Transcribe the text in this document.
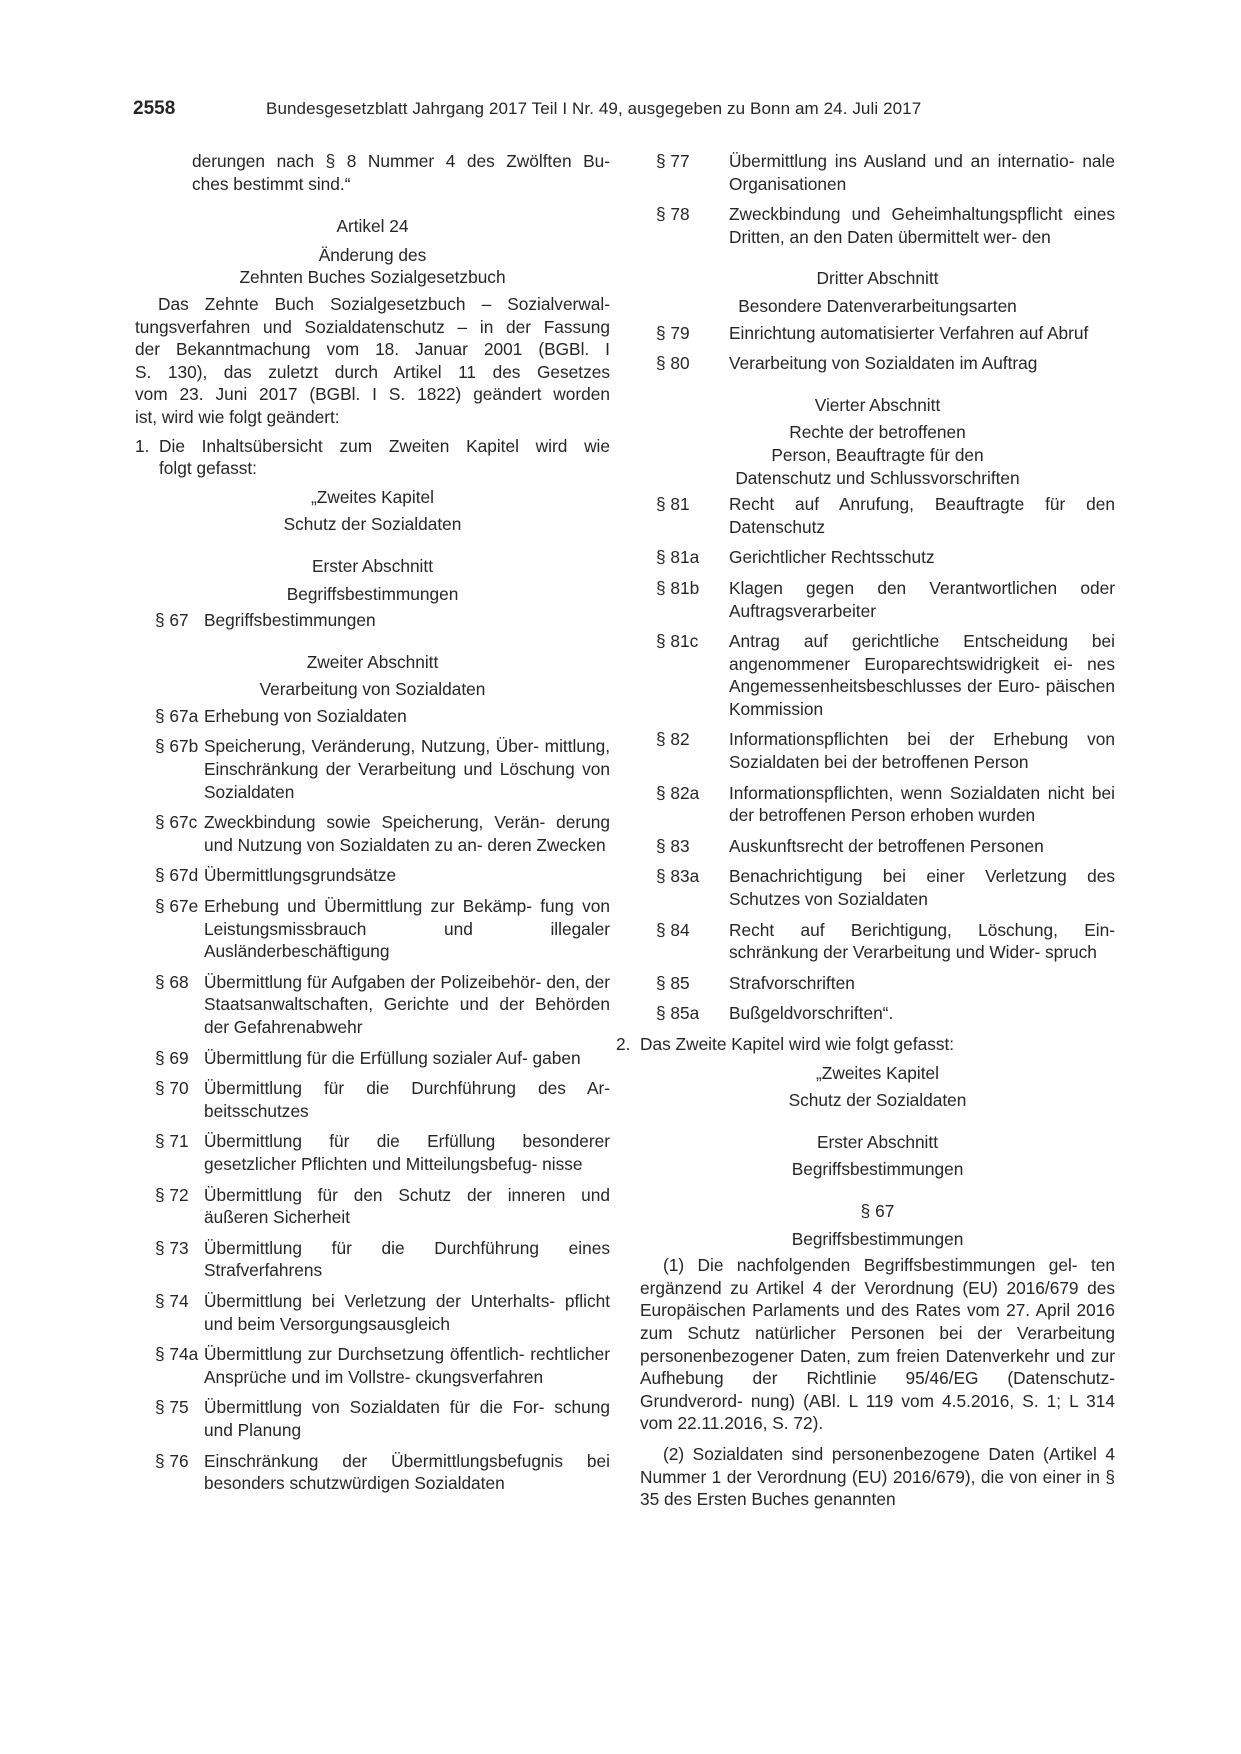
2558	Bundesgesetzblatt Jahrgang 2017 Teil I Nr. 49, ausgegeben zu Bonn am 24. Juli 2017

derungen nach § 8 Nummer 4 des Zwölften Bu-

ches bestimmt sind.“

Artikel 24

Änderung des

Zehnten Buches Sozialgesetzbuch

Das Zehnte Buch Sozialgesetzbuch – Sozialverwal-

tungsverfahren und Sozialdatenschutz – in der Fassung

der Bekanntmachung vom 18. Januar 2001 (BGBl. I

S. 130), das zuletzt durch Artikel 11 des Gesetzes

vom 23. Juni 2017 (BGBl. I S. 1822) geändert worden

ist, wird wie folgt geändert:

1. Die Inhaltsübersicht zum Zweiten Kapitel wird wie

folgt gefasst:

„Zweites Kapitel

Schutz der Sozialdaten

Erster Abschnitt

Begriffsbestimmungen

§ 67 Begriffsbestimmungen

Zweiter Abschnitt

Verarbeitung von Sozialdaten

§ 67a Erhebung von Sozialdaten
§ 67b Speicherung, Veränderung, Nutzung, Über- mittlung, Einschränkung der Verarbeitung und Löschung von Sozialdaten
§ 67c Zweckbindung sowie Speicherung, Verän- derung und Nutzung von Sozialdaten zu an- deren Zwecken
§ 67d Übermittlungsgrundsätze
§ 67e Erhebung und Übermittlung zur Bekämp- fung von Leistungsmissbrauch und illegaler Ausländerbeschäftigung
§ 68 Übermittlung für Aufgaben der Polizeibehör- den, der Staatsanwaltschaften, Gerichte und der Behörden der Gefahrenabwehr
§ 69 Übermittlung für die Erfüllung sozialer Auf- gaben
§ 70 Übermittlung für die Durchführung des Ar- beitsschutzes
§ 71 Übermittlung für die Erfüllung besonderer gesetzlicher Pflichten und Mitteilungsbefug- nisse
§ 72 Übermittlung für den Schutz der inneren und äußeren Sicherheit
§ 73 Übermittlung für die Durchführung eines Strafverfahrens
§ 74 Übermittlung bei Verletzung der Unterhalts- pflicht und beim Versorgungsausgleich
§ 74a Übermittlung zur Durchsetzung öffentlich- rechtlicher Ansprüche und im Vollstre- ckungsverfahren
§ 75 Übermittlung von Sozialdaten für die For- schung und Planung
§ 76 Einschränkung der Übermittlungsbefugnis bei besonders schutzwürdigen Sozialdaten
§ 77	Übermittlung ins Ausland und an internatio- nale Organisationen
§ 78	Zweckbindung und Geheimhaltungspflicht eines Dritten, an den Daten übermittelt wer- den

Dritter Abschnitt

Besondere Datenverarbeitungsarten

§ 79	Einrichtung automatisierter Verfahren auf Abruf
§ 80	Verarbeitung von Sozialdaten im Auftrag

Vierter Abschnitt

Rechte der betroffenen

Person, Beauftragte für den

Datenschutz und Schlussvorschriften

§ 81	Recht auf Anrufung, Beauftragte für den Datenschutz
§ 81a	Gerichtlicher Rechtsschutz
§ 81b	Klagen gegen den Verantwortlichen oder Auftragsverarbeiter
§ 81c	Antrag auf gerichtliche Entscheidung bei angenommener Europarechtswidrigkeit ei- nes Angemessenheitsbeschlusses der Euro- päischen Kommission
§ 82	Informationspflichten bei der Erhebung von Sozialdaten bei der betroffenen Person
§ 82a	Informationspflichten, wenn Sozialdaten nicht bei der betroffenen Person erhoben wurden
§ 83	Auskunftsrecht der betroffenen Personen
§ 83a	Benachrichtigung bei einer Verletzung des Schutzes von Sozialdaten
§ 84	Recht auf Berichtigung, Löschung, Ein- schränkung der Verarbeitung und Wider- spruch
§ 85	Strafvorschriften
§ 85a	Bußgeldvorschriften“.
2. Das Zweite Kapitel wird wie folgt gefasst:

„Zweites Kapitel

Schutz der Sozialdaten

Erster Abschnitt

Begriffsbestimmungen

§ 67

Begriffsbestimmungen

(1) Die nachfolgenden Begriffsbestimmungen gel- ten ergänzend zu Artikel 4 der Verordnung (EU) 2016/679 des Europäischen Parlaments und des Rates vom 27. April 2016 zum Schutz natürlicher Personen bei der Verarbeitung personenbezogener Daten, zum freien Datenverkehr und zur Aufhebung der Richtlinie 95/46/EG (Datenschutz-Grundverord- nung) (ABl. L 119 vom 4.5.2016, S. 1; L 314 vom 22.11.2016, S. 72).

(2) Sozialdaten sind personenbezogene Daten (Artikel 4 Nummer 1 der Verordnung (EU) 2016/679), die von einer in § 35 des Ersten Buches genannten
